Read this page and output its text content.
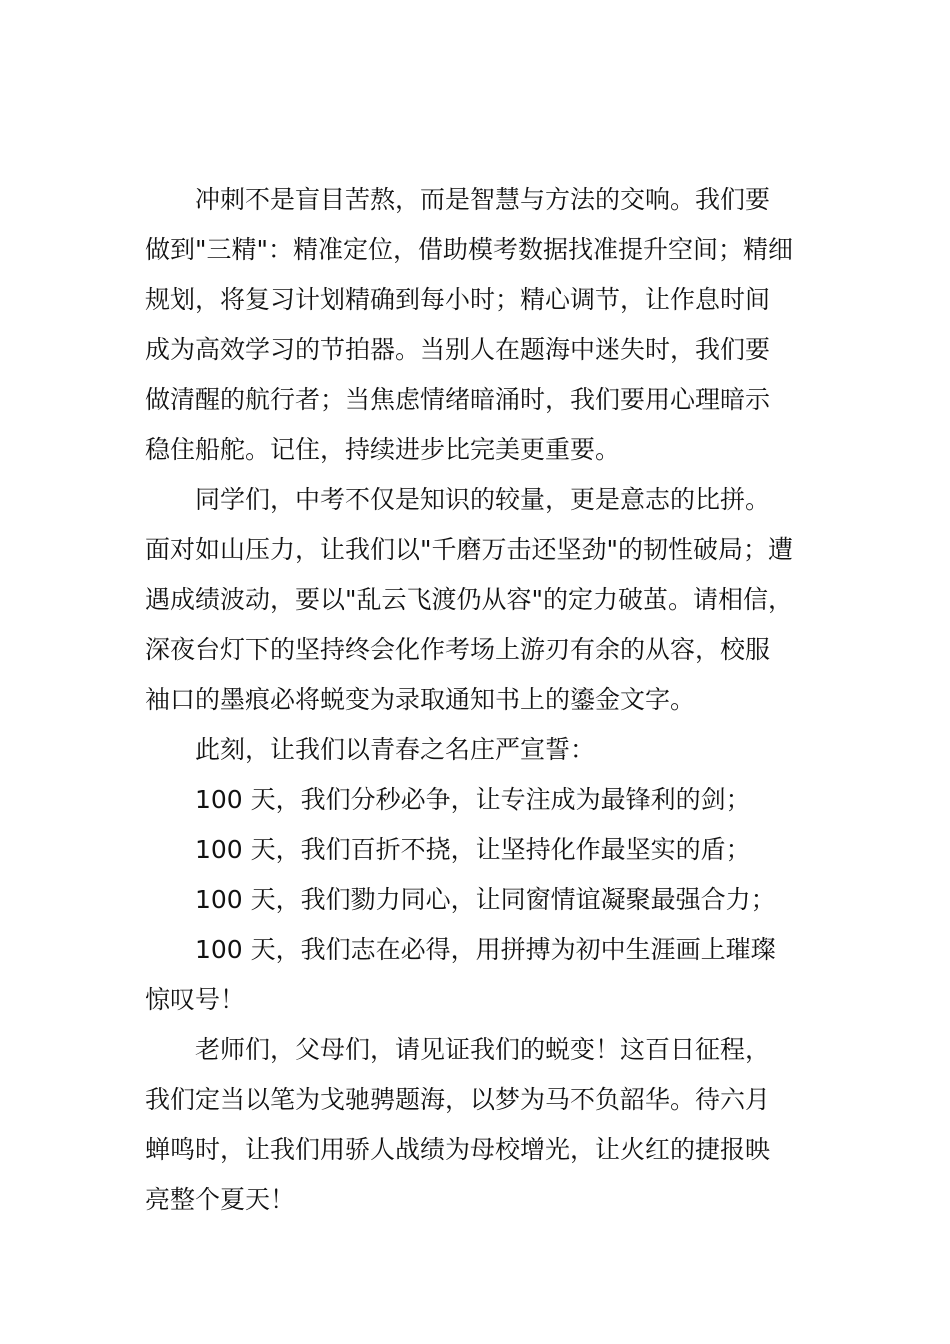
冲刺不是盲目苦熬，而是智慧与方法的交响。我们要
做到"三精"：精准定位，借助模考数据找准提升空间；精细
规划，将复习计划精确到每小时；精心调节，让作息时间
成为高效学习的节拍器。当别人在题海中迷失时，我们要
做清醒的航行者；当焦虑情绪暗涌时，我们要用心理暗示
稳住船舵。记住，持续进步比完美更重要。
同学们，中考不仅是知识的较量，更是意志的比拼。
面对如山压力，让我们以"千磨万击还坚劲"的韧性破局；遭
遇成绩波动，要以"乱云飞渡仍从容"的定力破茧。请相信，
深夜台灯下的坚持终会化作考场上游刃有余的从容，校服
袖口的墨痕必将蜕变为录取通知书上的鎏金文字。
此刻，让我们以青春之名庄严宣誓：
100 天，我们分秒必争，让专注成为最锋利的剑；
100 天，我们百折不挠，让坚持化作最坚实的盾；
100 天，我们勠力同心，让同窗情谊凝聚最强合力；
100 天，我们志在必得，用拼搏为初中生涯画上璀璨
惊叹号！
老师们，父母们，请见证我们的蜕变！这百日征程，
我们定当以笔为戈驰骋题海，以梦为马不负韶华。待六月
蝉鸣时，让我们用骄人战绩为母校增光，让火红的捷报映
亮整个夏天！
